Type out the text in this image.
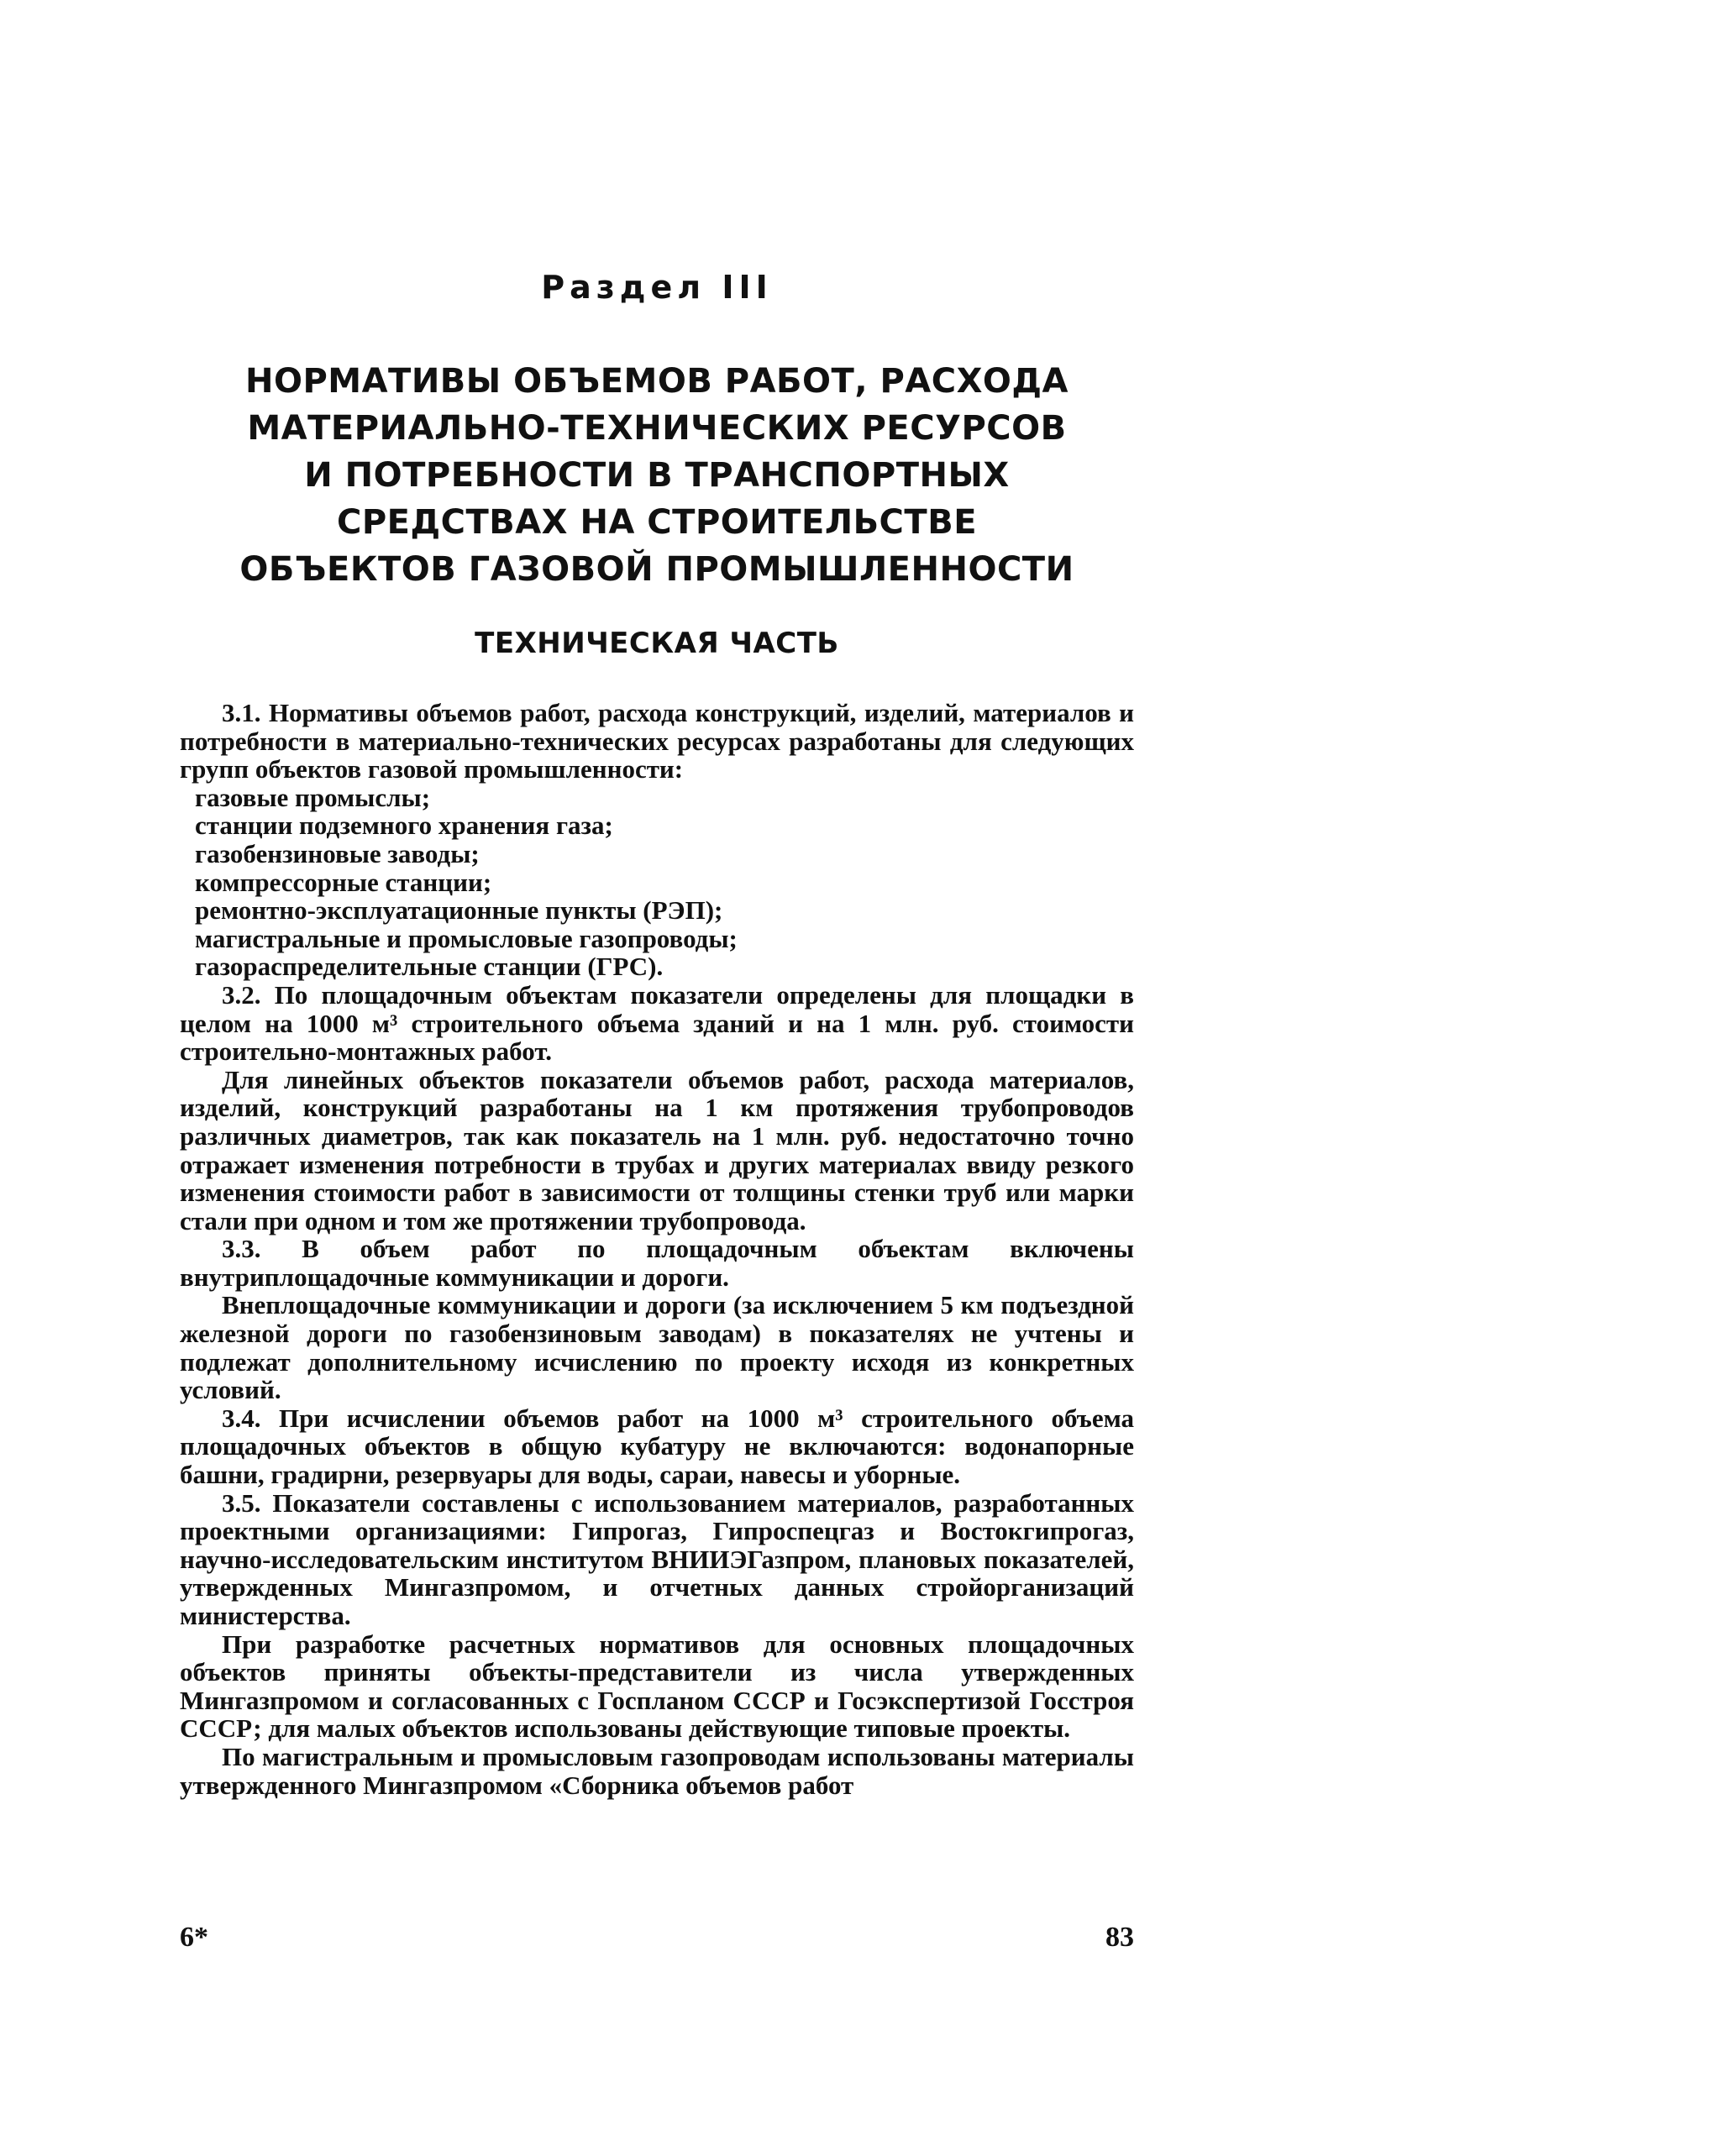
Раздел III
НОРМАТИВЫ ОБЪЕМОВ РАБОТ, РАСХОДА
МАТЕРИАЛЬНО-ТЕХНИЧЕСКИХ РЕСУРСОВ
И ПОТРЕБНОСТИ В ТРАНСПОРТНЫХ
СРЕДСТВАХ НА СТРОИТЕЛЬСТВЕ
ОБЪЕКТОВ ГАЗОВОЙ ПРОМЫШЛЕННОСТИ
ТЕХНИЧЕСКАЯ ЧАСТЬ

3.1. Нормативы объемов работ, расхода конструкций, изделий, материалов и потребности в материально-технических ресурсах разработаны для следующих групп объектов газовой промышленности:

газовые промыслы;

станции подземного хранения газа;

газобензиновые заводы;

компрессорные станции;

ремонтно-эксплуатационные пункты (РЭП);

магистральные и промысловые газопроводы;

газораспределительные станции (ГРС).

3.2. По площадочным объектам показатели определены для площадки в целом на 1000 м³ строительного объема зданий и на 1 млн. руб. стоимости строительно-монтажных работ.

Для линейных объектов показатели объемов работ, расхода материалов, изделий, конструкций разработаны на 1 км протяжения трубопроводов различных диаметров, так как показатель на 1 млн. руб. недостаточно точно отражает изменения потребности в трубах и других материалах ввиду резкого изменения стоимости работ в зависимости от толщины стенки труб или марки стали при одном и том же протяжении трубопровода.

3.3. В объем работ по площадочным объектам включены внутриплощадочные коммуникации и дороги.

Внеплощадочные коммуникации и дороги (за исключением 5 км подъездной железной дороги по газобензиновым заводам) в показателях не учтены и подлежат дополнительному исчислению по проекту исходя из конкретных условий.

3.4. При исчислении объемов работ на 1000 м³ строительного объема площадочных объектов в общую кубатуру не включаются: водонапорные башни, градирни, резервуары для воды, сараи, навесы и уборные.

3.5. Показатели составлены с использованием материалов, разработанных проектными организациями: Гипрогаз, Гипроспецгаз и Востокгипрогаз, научно-исследовательским институтом ВНИИЭГазпром, плановых показателей, утвержденных Мингазпромом, и отчетных данных стройорганизаций министерства.

При разработке расчетных нормативов для основных площадочных объектов приняты объекты-представители из числа утвержденных Мингазпромом и согласованных с Госпланом СССР и Госэкспертизой Госстроя СССР; для малых объектов использованы действующие типовые проекты.

По магистральным и промысловым газопроводам использованы материалы утвержденного Мингазпромом «Сборника объемов работ

6*	83
